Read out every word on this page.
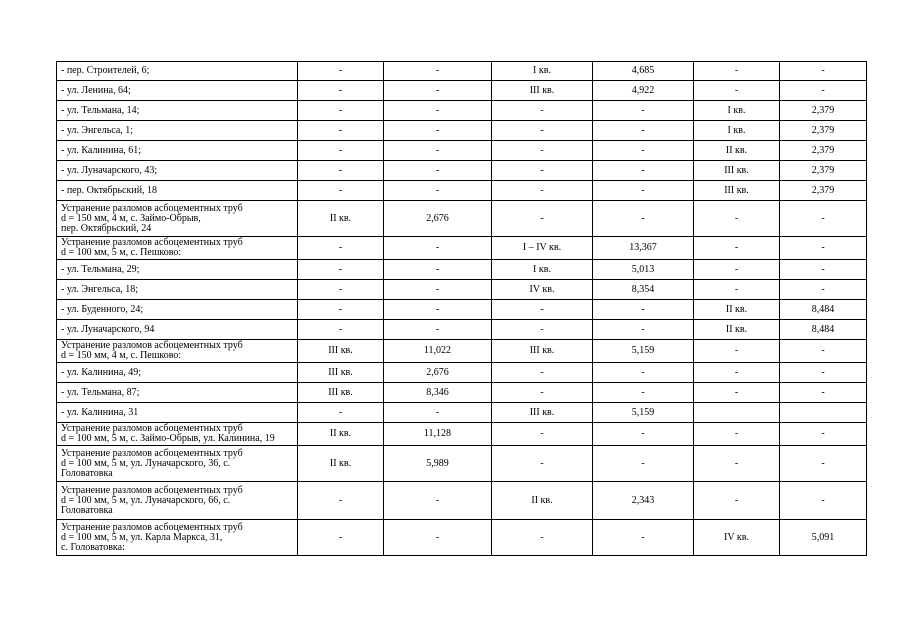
- пер. Строителей, 6;	-	-	I кв.	4,685	-	-
- ул. Ленина, 64;	-	-	III кв.	4,922	-	-
- ул. Тельмана, 14;	-	-	-	-	I кв.	2,379
- ул. Энгельса, 1;	-	-	-	-	I кв.	2,379
- ул. Калинина, 61;	-	-	-	-	II кв.	2,379
- ул. Луначарского, 43;	-	-	-	-	III кв.	2,379
- пер. Октябрьский, 18	-	-	-	-	III кв.	2,379
Устранение разломов асбоцементных труб
d = 150 мм, 4 м, с. Займо-Обрыв,
пер. Октябрьский, 24	II кв.	2,676	-	-	-	-
Устранение разломов асбоцементных труб
d = 100 мм, 5 м, с. Пешково:	-	-	I – IV кв.	13,367	-	-
- ул. Тельмана, 29;	-	-	I кв.	5,013	-	-
- ул. Энгельса, 18;	-	-	IV кв.	8,354	-	-
- ул. Буденного, 24;	-	-	-	-	II кв.	8,484
- ул. Луначарского, 94	-	-	-	-	II кв.	8,484
Устранение разломов асбоцементных труб
d = 150 мм, 4 м, с. Пешково:	III кв.	11,022	III кв.	5,159	-	-
- ул. Калинина, 49;	III кв.	2,676	-	-	-	-
- ул. Тельмана, 87;	III кв.	8,346	-	-	-	-
- ул. Калинина, 31	-	-	III кв.	5,159		
Устранение разломов асбоцементных труб
d = 100 мм, 5 м, с. Займо-Обрыв, ул. Калинина, 19	II кв.	11,128	-	-	-	-
Устранение разломов асбоцементных труб
d = 100 мм, 5 м, ул. Луначарского, 36, с.
Головатовка	II кв.	5,989	-	-	-	-
Устранение разломов асбоцементных труб
d = 100 мм, 5 м, ул. Луначарского, 66, с.
Головатовка	-	-	II кв.	2,343	-	-
Устранение разломов асбоцементных труб
d = 100 мм, 5 м, ул. Карла Маркса, 31,
с. Головатовка:	-	-	-	-	IV кв.	5,091
